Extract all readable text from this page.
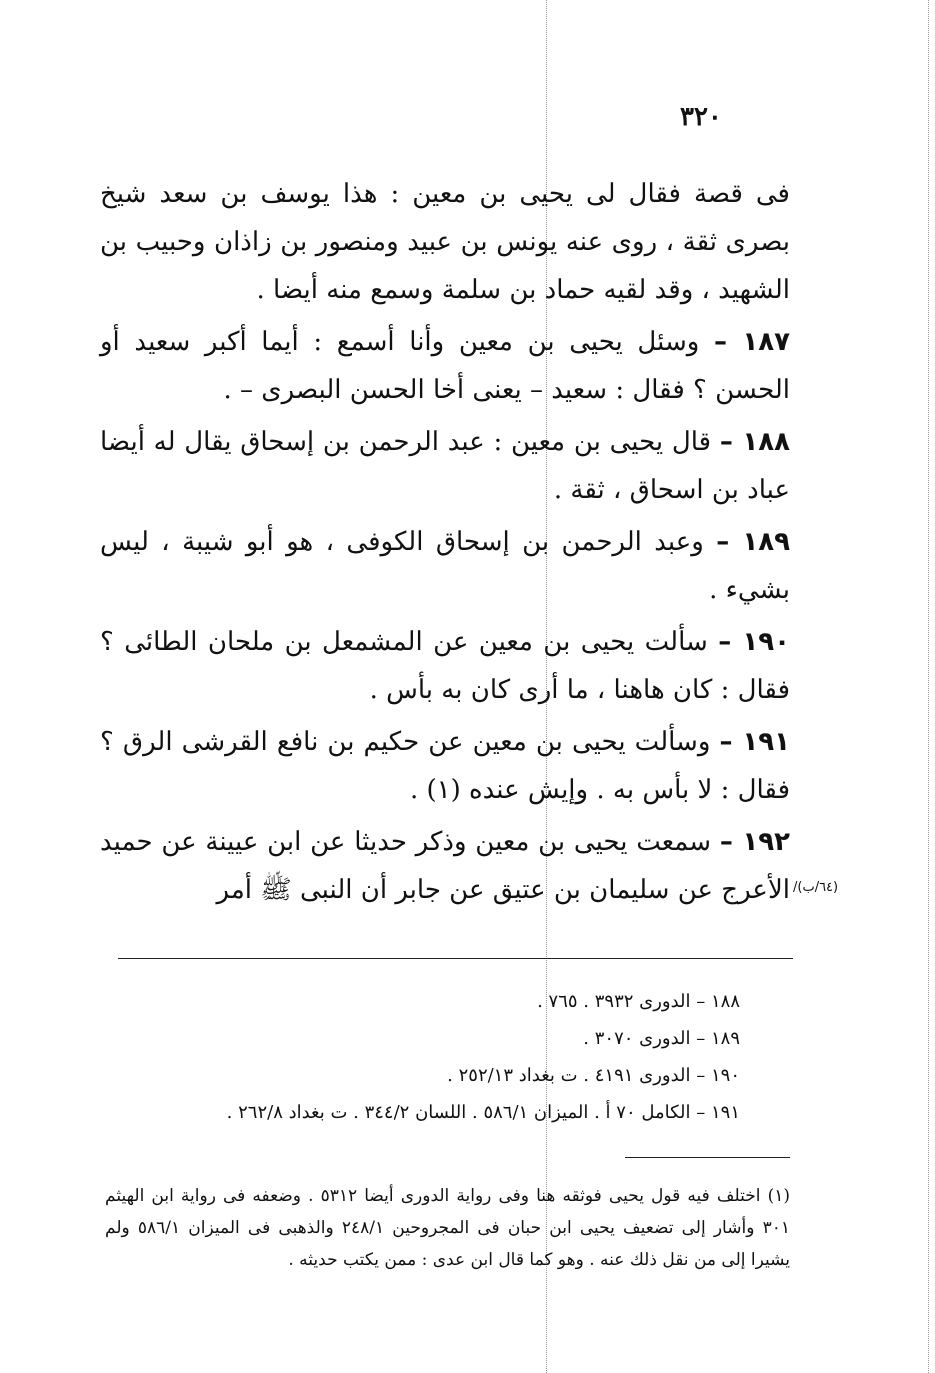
٣٢٠

فى قصة فقال لى يحيى بن معين : هذا يوسف بن سعد شيخ بصرى ثقة ، روى عنه يونس بن عبيد ومنصور بن زاذان وحبيب بن الشهيد ، وقد لقيه حماد بن سلمة وسمع منه أيضا .

١٨٧ – وسئل يحيى بن معين وأنا أسمع : أيما أكبر سعيد أو الحسن ؟ فقال : سعيد – يعنى أخا الحسن البصرى – .

١٨٨ – قال يحيى بن معين : عبد الرحمن بن إسحاق يقال له أيضا عباد بن اسحاق ، ثقة .

١٨٩ – وعبد الرحمن بن إسحاق الكوفى ، هو أبو شيبة ، ليس بشيء .

١٩٠ – سألت يحيى بن معين عن المشمعل بن ملحان الطائى ؟ فقال : كان هاهنا ، ما أرى كان به بأس .

١٩١ – وسألت يحيى بن معين عن حكيم بن نافع القرشى الرق ؟ فقال : لا بأس به . وإيش عنده (١) .

١٩٢ – سمعت يحيى بن معين وذكر حديثا عن ابن عيينة عن حميد الأعرج عن سليمان بن عتيق عن جابر أن النبى ﷺ أمر (٦٤/ب)/
١٨٨ – الدورى ٣٩٣٢ . ٧٦٥ .
١٨٩ – الدورى ٣٠٧٠ .
١٩٠ – الدورى ٤١٩١ . ت بغداد ٢٥٢/١٣ .
١٩١ – الكامل ٧٠ أ . الميزان ٥٨٦/١ . اللسان ٣٤٤/٢ . ت بغداد ٢٦٢/٨ .
(١) اختلف فيه قول يحيى فوثقه هنا وفى رواية الدورى أيضا ٥٣١٢ . وضعفه فى رواية ابن الهيثم ٣٠١ وأشار إلى تضعيف يحيى ابن حبان فى المجروحين ٢٤٨/١ والذهبى فى الميزان ٥٨٦/١ ولم يشيرا إلى من نقل ذلك عنه . وهو كما قال ابن عدى : ممن يكتب حديثه .
